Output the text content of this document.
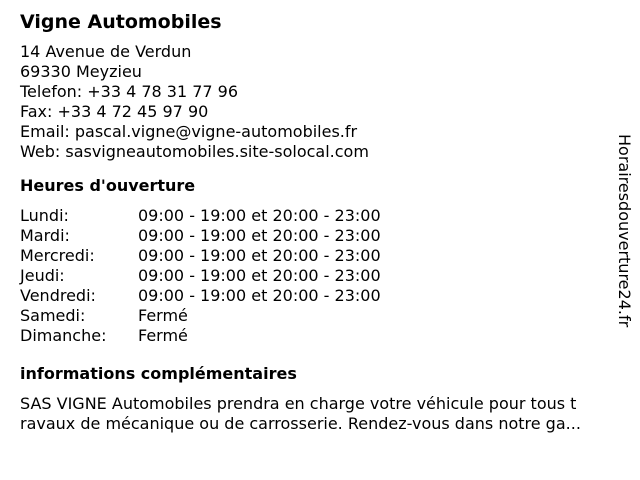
Vigne Automobiles
14 Avenue de Verdun
69330 Meyzieu
Telefon: +33 4 78 31 77 96
Fax: +33 4 72 45 97 90
Email: pascal.vigne@vigne-automobiles.fr
Web: sasvigneautomobiles.site-solocal.com
Heures d'ouverture
Lundi:	09:00 - 19:00 et 20:00 - 23:00
Mardi:	09:00 - 19:00 et 20:00 - 23:00
Mercredi:	09:00 - 19:00 et 20:00 - 23:00
Jeudi:	09:00 - 19:00 et 20:00 - 23:00
Vendredi:	09:00 - 19:00 et 20:00 - 23:00
Samedi:	Fermé
Dimanche:	Fermé
informations complémentaires
SAS VIGNE Automobiles prendra en charge votre véhicule pour tous t
ravaux de mécanique ou de carrosserie. Rendez-vous dans notre ga...
Horairesdouverture24.fr
